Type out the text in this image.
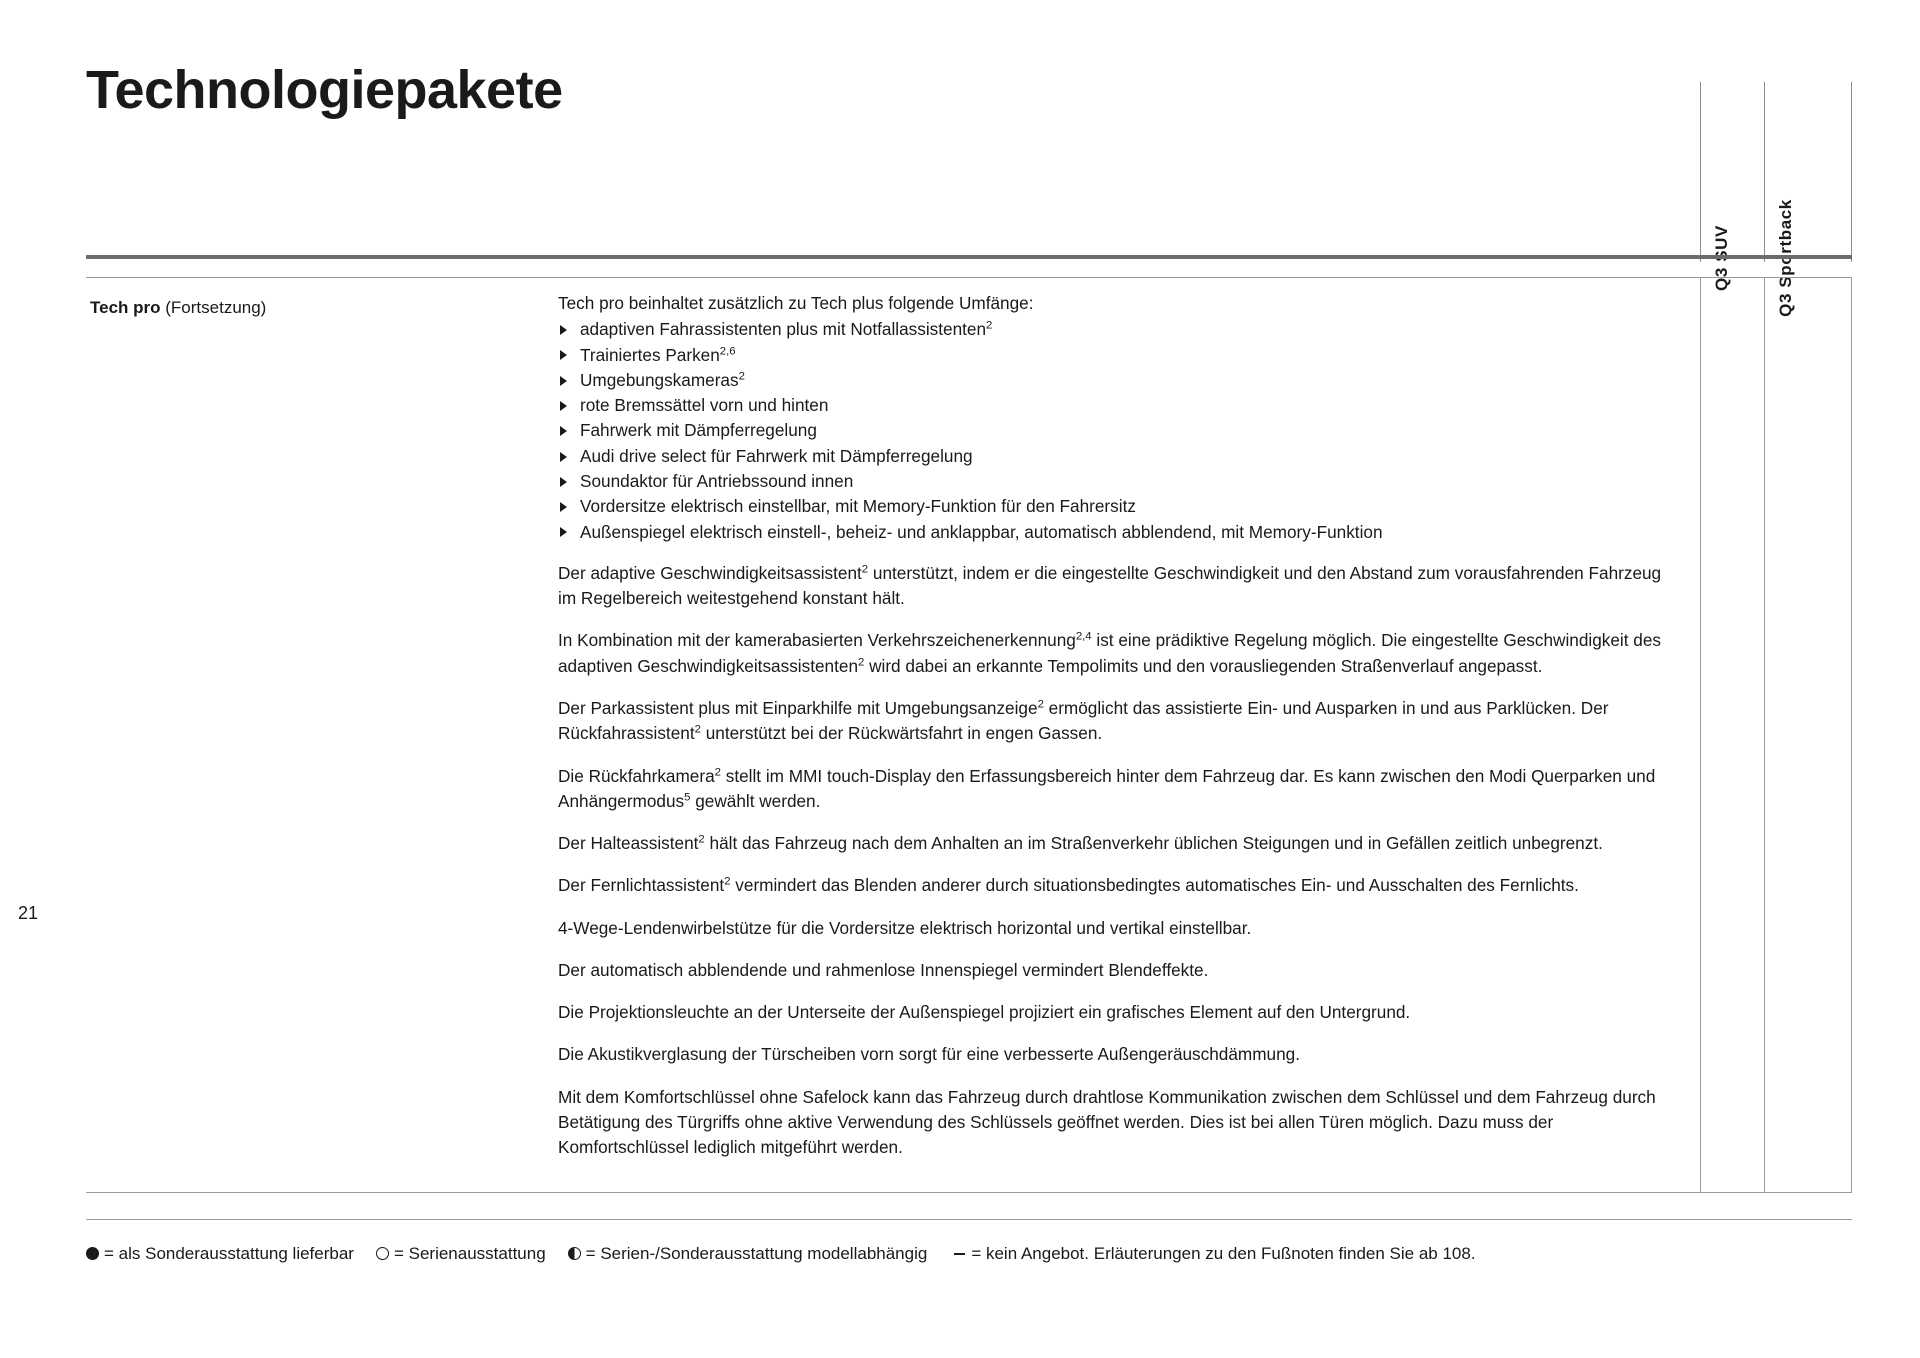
Technologiepakete
Tech pro (Fortsetzung)	Tech pro beinhaltet zusätzlich zu Tech plus folgende Umfänge:

adaptiven Fahrassistenten plus mit Notfallassistenten$^2$
Trainiertes Parken$^{2,6}$
Umgebungskameras$^2$
rote Bremssättel vorn und hinten
Fahrwerk mit Dämpferregelung
Audi drive select für Fahrwerk mit Dämpferregelung
Soundaktor für Antriebssound innen
Vordersitze elektrisch einstellbar, mit Memory-Funktion für den Fahrersitz
Außenspiegel elektrisch einstell-, beheiz- und anklappbar, automatisch abblendend, mit Memory-Funktion

Der adaptive Geschwindigkeitsassistent$^2$ unterstützt, indem er die eingestellte Geschwindigkeit und den Abstand zum vorausfahrenden Fahrzeug im Regelbereich weitestgehend konstant hält.

In Kombination mit der kamerabasierten Verkehrszeichenerkennung$^{2,4}$ ist eine prädiktive Regelung möglich. Die eingestellte Geschwindigkeit des adaptiven Geschwindigkeitsassistenten$^2$ wird dabei an erkannte Tempolimits und den vorausliegenden Straßenverlauf angepasst.

Der Parkassistent plus mit Einparkhilfe mit Umgebungsanzeige$^2$ ermöglicht das assistierte Ein- und Ausparken in und aus Parklücken. Der Rückfahrassistent$^2$ unterstützt bei der Rückwärtsfahrt in engen Gassen.

Die Rückfahrkamera$^2$ stellt im MMI touch-Display den Erfassungsbereich hinter dem Fahrzeug dar. Es kann zwischen den Modi Querparken und Anhängermodus$^5$ gewählt werden.

Der Halteassistent$^2$ hält das Fahrzeug nach dem Anhalten an im Straßenverkehr üblichen Steigungen und in Gefällen zeitlich unbegrenzt.

Der Fernlichtassistent$^2$ vermindert das Blenden anderer durch situationsbedingtes automatisches Ein- und Ausschalten des Fernlichts.

4-Wege-Lendenwirbelstütze für die Vordersitze elektrisch horizontal und vertikal einstellbar.

Der automatisch abblendende und rahmenlose Innenspiegel vermindert Blendeffekte.

Die Projektionsleuchte an der Unterseite der Außenspiegel projiziert ein grafisches Element auf den Untergrund.

Die Akustikverglasung der Türscheiben vorn sorgt für eine verbesserte Außengeräuschdämmung.

Mit dem Komfortschlüssel ohne Safelock kann das Fahrzeug durch drahtlose Kommunikation zwischen dem Schlüssel und dem Fahrzeug durch Betätigung des Türgriffs ohne aktive Verwendung des Schlüssels geöffnet werden. Dies ist bei allen Türen möglich. Dazu muss der Komfortschlüssel lediglich mitgeführt werden.

21
= als Sonderausstattung lieferbar = Serienausstattung = Serien-/Sonderausstattung modellabhängig	= kein Angebot. Erläuterungen zu den Fußnoten finden Sie ab 108.
